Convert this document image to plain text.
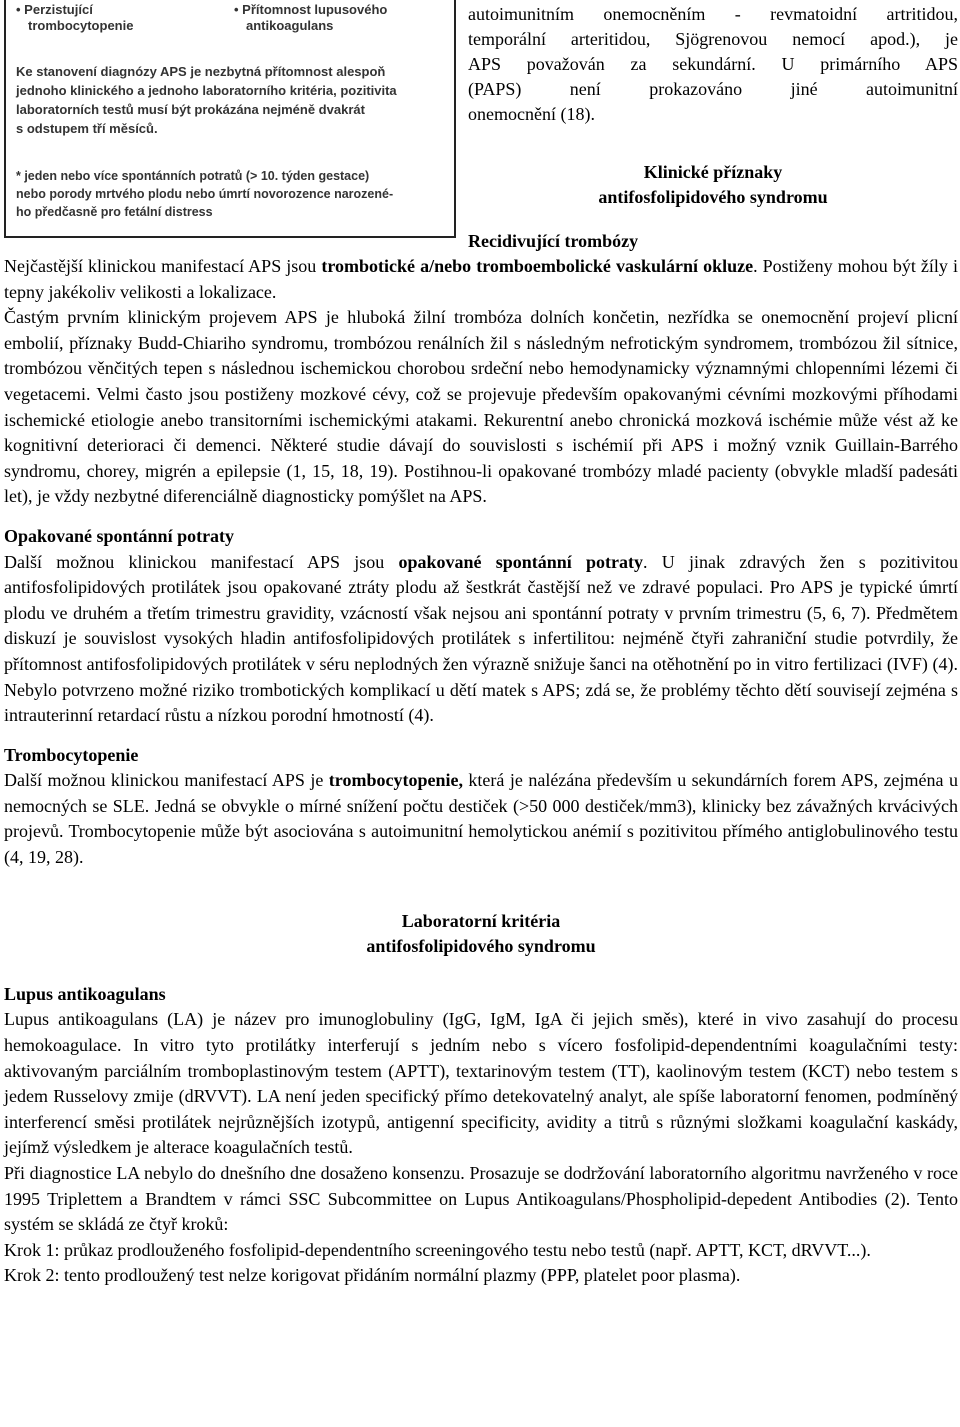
• Perzistující
trombocytopenie
• Přítomnost lupusového
antikoagulans
Ke stanovení diagnózy APS je nezbytná přítomnost alespoň
jednoho klinického a jednoho laboratorního kritéria, pozitivita
laboratorních testů musí být prokázána nejméně dvakrát
s odstupem tří měsíců.
* jeden nebo více spontánních potratů (> 10. týden gestace)
nebo porody mrtvého plodu nebo úmrtí novorozence narozené-
ho předčasně pro fetální distress
autoimunitním onemocněním - revmatoidní artritidou,
temporální arteritidou, Sjögrenovou nemocí apod.), je
APS považován za sekundární. U primárního APS
(PAPS) není prokazováno jiné autoimunitní
onemocnění (18).
Klinické příznaky
antifosfolipidového syndromu
Recidivující trombózy

Nejčastější klinickou manifestací APS jsou trombotické a/nebo tromboembolické vaskulární okluze. Postiženy mohou být žíly i tepny jakékoliv velikosti a lokalizace.

Častým prvním klinickým projevem APS je hluboká žilní trombóza dolních končetin, nezřídka se onemocnění projeví plicní embolií, příznaky Budd-Chiariho syndromu, trombózou renálních žil s následným nefrotickým syndromem, trombózou žil sítnice, trombózou věnčitých tepen s následnou ischemickou chorobou srdeční nebo hemodynamicky významnými chlopenními lézemi či vegetacemi. Velmi často jsou postiženy mozkové cévy, což se projevuje především opakovanými cévními mozkovými příhodami ischemické etiologie anebo transitorními ischemickými atakami. Rekurentní anebo chronická mozková ischémie může vést až ke kognitivní deterioraci či demenci. Některé studie dávají do souvislosti s ischémií při APS i možný vznik Guillain-Barrého syndromu, chorey, migrén a epilepsie (1, 15, 18, 19). Postihnou-li opakované trombózy mladé pacienty (obvykle mladší padesáti let), je vždy nezbytné diferenciálně diagnosticky pomýšlet na APS.

Opakované spontánní potraty

Další možnou klinickou manifestací APS jsou opakované spontánní potraty. U jinak zdravých žen s pozitivitou antifosfolipidových protilátek jsou opakované ztráty plodu až šestkrát častější než ve zdravé populaci. Pro APS je typické úmrtí plodu ve druhém a třetím trimestru gravidity, vzácností však nejsou ani spontánní potraty v prvním trimestru (5, 6, 7). Předmětem diskuzí je souvislost vysokých hladin antifosfolipidových protilátek s infertilitou: nejméně čtyři zahraniční studie potvrdily, že přítomnost antifosfolipidových protilátek v séru neplodných žen výrazně snižuje šanci na otěhotnění po in vitro fertilizaci (IVF) (4). Nebylo potvrzeno možné riziko trombotických komplikací u dětí matek s APS; zdá se, že problémy těchto dětí souvisejí zejména s intrauterinní retardací růstu a nízkou porodní hmotností (4).

Trombocytopenie

Další možnou klinickou manifestací APS je trombocytopenie, která je nalézána především u sekundárních forem APS, zejména u nemocných se SLE. Jedná se obvykle o mírné snížení počtu destiček (>50 000 destiček/mm3), klinicky bez závažných krvácivých projevů. Trombocytopenie může být asociována s autoimunitní hemolytickou anémií s pozitivitou přímého antiglobulinového testu (4, 19, 28).

Laboratorní kritéria

antifosfolipidového syndromu

Lupus antikoagulans

Lupus antikoagulans (LA) je název pro imunoglobuliny (IgG, IgM, IgA či jejich směs), které in vivo zasahují do procesu hemokoagulace. In vitro tyto protilátky interferují s jedním nebo s vícero fosfolipid-dependentními koagulačními testy: aktivovaným parciálním tromboplastinovým testem (APTT), textarinovým testem (TT), kaolinovým testem (KCT) nebo testem s jedem Russelovy zmije (dRVVT). LA není jeden specifický přímo detekovatelný analyt, ale spíše laboratorní fenomen, podmíněný interferencí směsi protilátek nejrůznějších izotypů, antigenní specificity, avidity a titrů s různými složkami koagulační kaskády, jejímž výsledkem je alterace koagulačních testů.

Při diagnostice LA nebylo do dnešního dne dosaženo konsenzu. Prosazuje se dodržování laboratorního algoritmu navrženého v roce 1995 Triplettem a Brandtem v rámci SSC Subcommittee on Lupus Antikoagulans/Phospholipid-depedent Antibodies (2). Tento systém se skládá ze čtyř kroků:

Krok 1: průkaz prodlouženého fosfolipid-dependentního screeningového testu nebo testů (např. APTT, KCT, dRVVT...).

Krok 2: tento prodloužený test nelze korigovat přidáním normální plazmy (PPP, platelet poor plasma).
